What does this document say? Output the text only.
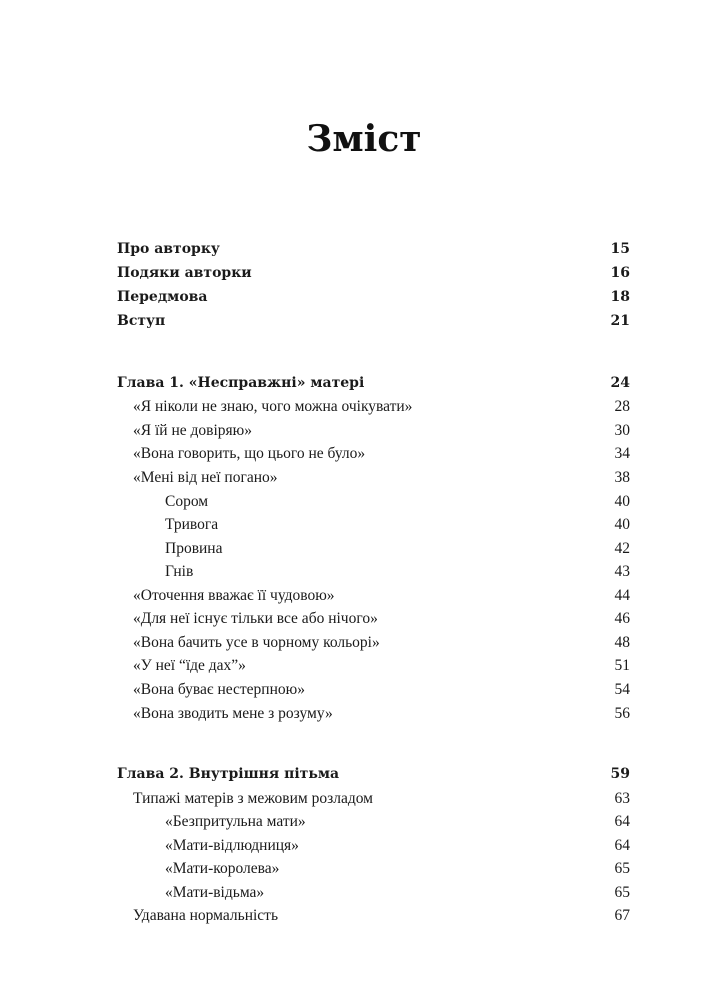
Зміст
Про авторку	15
Подяки авторки	16
Передмова	18
Вступ	21
Глава 1. «Несправжні» матері	24
«Я ніколи не знаю, чого можна очікувати»	28
«Я їй не довіряю»	30
«Вона говорить, що цього не було»	34
«Мені від неї погано»	38
Сором	40
Тривога	40
Провина	42
Гнів	43
«Оточення вважає її чудовою»	44
«Для неї існує тільки все або нічого»	46
«Вона бачить усе в чорному кольорі»	48
«У неї “їде дах”»	51
«Вона буває нестерпною»	54
«Вона зводить мене з розуму»	56
Глава 2. Внутрішня пітьма	59
Типажі матерів з межовим розладом	63
«Безпритульна мати»	64
«Мати-відлюдниця»	64
«Мати-королева»	65
«Мати-відьма»	65
Удавана нормальність	67
